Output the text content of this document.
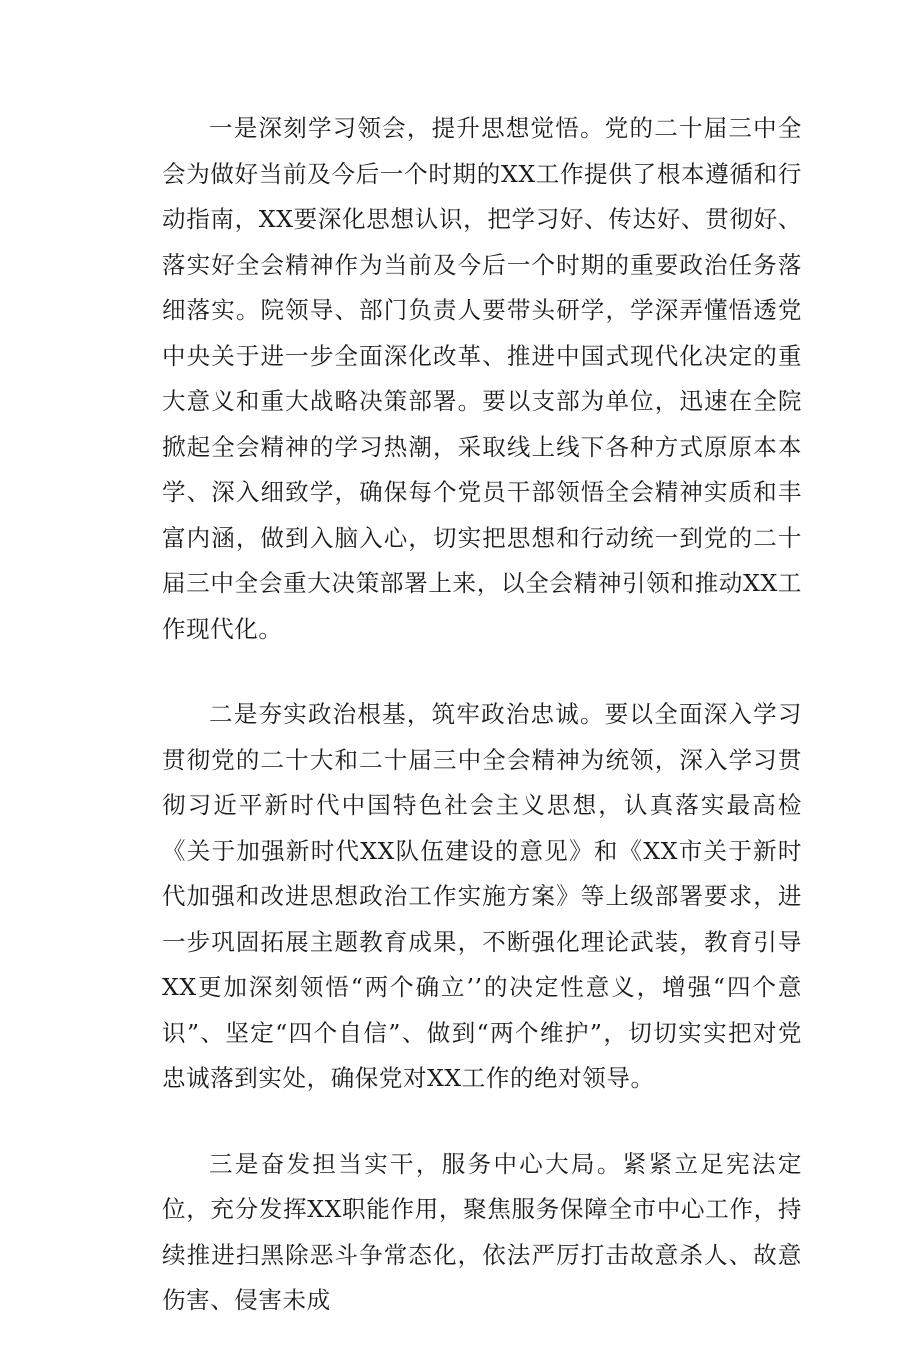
一是深刻学习领会，提升思想觉悟。党的二十届三中全会为做好当前及今后一个时期的XX工作提供了根本遵循和行动指南，XX要深化思想认识，把学习好、传达好、贯彻好、落实好全会精神作为当前及今后一个时期的重要政治任务落细落实。院领导、部门负责人要带头研学，学深弄懂悟透党中央关于进一步全面深化改革、推进中国式现代化决定的重大意义和重大战略决策部署。要以支部为单位，迅速在全院掀起全会精神的学习热潮，采取线上线下各种方式原原本本学、深入细致学，确保每个党员干部领悟全会精神实质和丰富内涵，做到入脑入心，切实把思想和行动统一到党的二十届三中全会重大决策部署上来，以全会精神引领和推动XX工作现代化。

二是夯实政治根基，筑牢政治忠诚。要以全面深入学习贯彻党的二十大和二十届三中全会精神为统领，深入学习贯彻习近平新时代中国特色社会主义思想，认真落实最高检《关于加强新时代XX队伍建设的意见》和《XX市关于新时代加强和改进思想政治工作实施方案》等上级部署要求，进一步巩固拓展主题教育成果，不断强化理论武装，教育引导XX更加深刻领悟“两个确立’’的决定性意义，增强“四个意识”、坚定“四个自信”、做到“两个维护”，切切实实把对党忠诚落到实处，确保党对XX工作的绝对领导。

三是奋发担当实干，服务中心大局。紧紧立足宪法定位，充分发挥XX职能作用，聚焦服务保障全市中心工作，持续推进扫黑除恶斗争常态化，依法严厉打击故意杀人、故意伤害、侵害未成
